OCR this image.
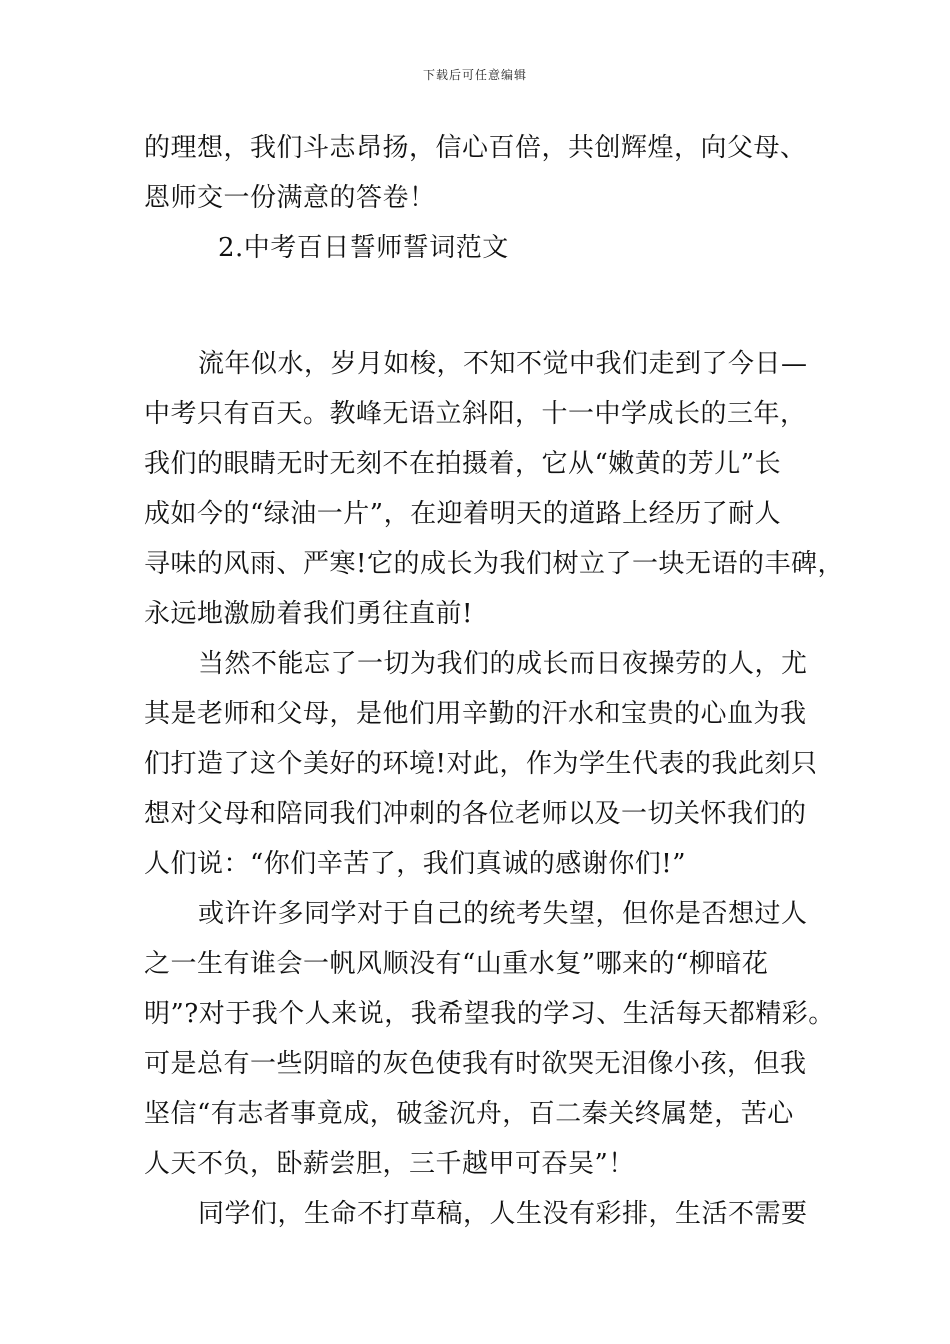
下载后可任意编辑
的理想，我们斗志昂扬，信心百倍，共创辉煌，向父母、
恩师交一份满意的答卷！
2.中考百日誓师誓词范文
流年似水，岁月如梭，不知不觉中我们走到了今日—
中考只有百天。教峰无语立斜阳，十一中学成长的三年，
我们的眼睛无时无刻不在拍摄着，它从“嫩黄的芳儿”长
成如今的“绿油一片”，在迎着明天的道路上经历了耐人
寻味的风雨、严寒!它的成长为我们树立了一块无语的丰碑，
永远地激励着我们勇往直前!
当然不能忘了一切为我们的成长而日夜操劳的人，尤
其是老师和父母，是他们用辛勤的汗水和宝贵的心血为我
们打造了这个美好的环境!对此，作为学生代表的我此刻只
想对父母和陪同我们冲刺的各位老师以及一切关怀我们的
人们说：“你们辛苦了，我们真诚的感谢你们!”
或许许多同学对于自己的统考失望，但你是否想过人
之一生有谁会一帆风顺没有“山重水复”哪来的“柳暗花
明”?对于我个人来说，我希望我的学习、生活每天都精彩。
可是总有一些阴暗的灰色使我有时欲哭无泪像小孩，但我
坚信“有志者事竟成，破釜沉舟，百二秦关终属楚，苦心
人天不负，卧薪尝胆，三千越甲可吞吴”！
同学们，生命不打草稿，人生没有彩排，生活不需要
